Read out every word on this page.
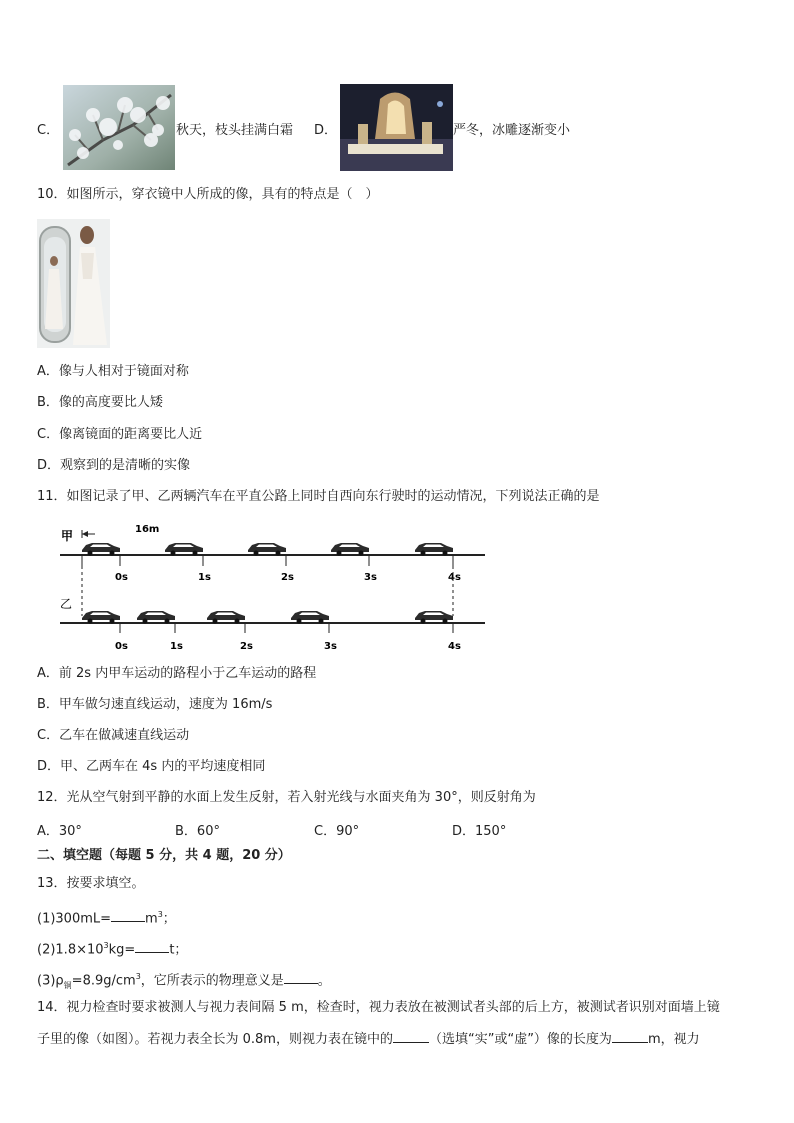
C．	秋天，枝头挂满白霜 D．	严冬，冰雕逐渐变小
10．如图所示，穿衣镜中人所成的像，具有的特点是（　）
A．像与人相对于镜面对称
B．像的高度要比人矮
C．像离镜面的距离要比人近
D．观察到的是清晰的实像
11．如图记录了甲、乙两辆汽车在平直公路上同时自西向东行驶时的运动情况，下列说法正确的是
甲
乙
16m
0s	1s	2s	3s	4s
0s	1s	2s	3s	4s
A．前 2s 内甲车运动的路程小于乙车运动的路程
B．甲车做匀速直线运动，速度为 16m/s
C．乙车在做减速直线运动
D．甲、乙两车在 4s 内的平均速度相同
12．光从空气射到平静的水面上发生反射，若入射光线与水面夹角为 30°，则反射角为
A．30°	B．60°	C．90°	D．150°
二、填空题（每题 5 分，共 4 题，20 分）
13．按要求填空。
(1)300mL=	$m^3$；
$(2)1.8\times 10^3kg=$	t；
$(3)\rho_铜=8.9g/cm^3$，它所表示的物理意义是	。
14．视力检查时要求被测人与视力表间隔 5 m，检查时，视力表放在被测试者头部的后上方，被测试者识别对面墙上镜
子里的像（如图）。若视力表全长为 0.8m，则视力表在镜中的	（选填“实”或“虚”）像的长度为	m，视力
